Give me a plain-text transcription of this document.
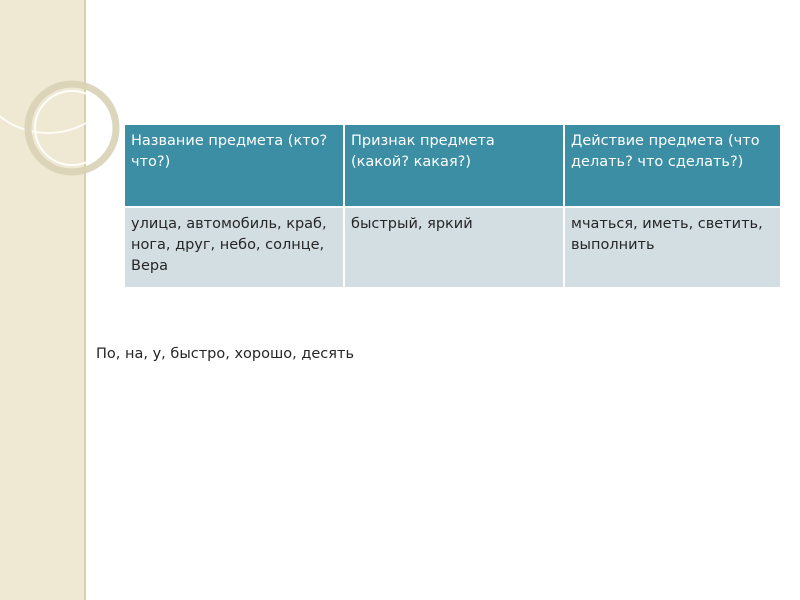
Название предмета (кто? что?)	Признак предмета (какой? какая?)	Действие предмета (что делать? что сделать?)
улица, автомобиль, краб, нога, друг, небо, солнце, Вера	быстрый, яркий	мчаться, иметь, светить, выполнить
По, на, у, быстро, хорошо, десять
